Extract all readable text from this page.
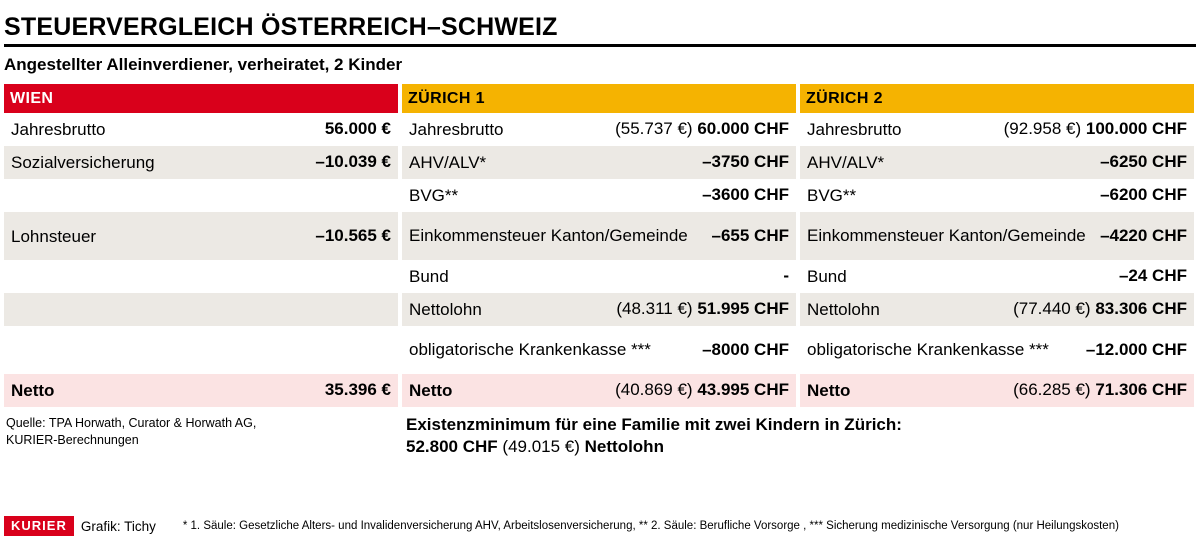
STEUERVERGLEICH ÖSTERREICH–SCHWEIZ
Angestellter Alleinverdiener, verheiratet, 2 Kinder
WIEN
Jahresbrutto	56.000 €
Sozialversicherung	–10.039 €
Lohnsteuer	–10.565 €
Netto	35.396 €
ZÜRICH 1
Jahresbrutto	(55.737 €) 60.000 CHF
AHV/ALV*	–3750 CHF
BVG**	–3600 CHF
Einkommensteuer Kanton/Gemeinde –655 CHF
Bund	-
Nettolohn	(48.311 €) 51.995 CHF
obligatorische Krankenkasse ***	–8000 CHF
Netto	(40.869 €) 43.995 CHF
ZÜRICH 2
Jahresbrutto	(92.958 €) 100.000 CHF
AHV/ALV*	–6250 CHF
BVG**	–6200 CHF
Einkommensteuer Kanton/Gemeinde –4220 CHF
Bund	–24 CHF
Nettolohn	(77.440 €) 83.306 CHF
obligatorische Krankenkasse *** –12.000 CHF
Netto	(66.285 €) 71.306 CHF
Quelle: TPA Horwath, Curator & Horwath AG,
KURIER-Berechnungen
Existenzminimum für eine Familie mit zwei Kindern in Zürich:
52.800 CHF (49.015 €) Nettolohn
KURIER	Grafik: Tichy * 1. Säule: Gesetzliche Alters- und Invalidenversicherung AHV, Arbeitslosenversicherung, ** 2. Säule: Berufliche Vorsorge , *** Sicherung medizinische Versorgung (nur Heilungskosten)
